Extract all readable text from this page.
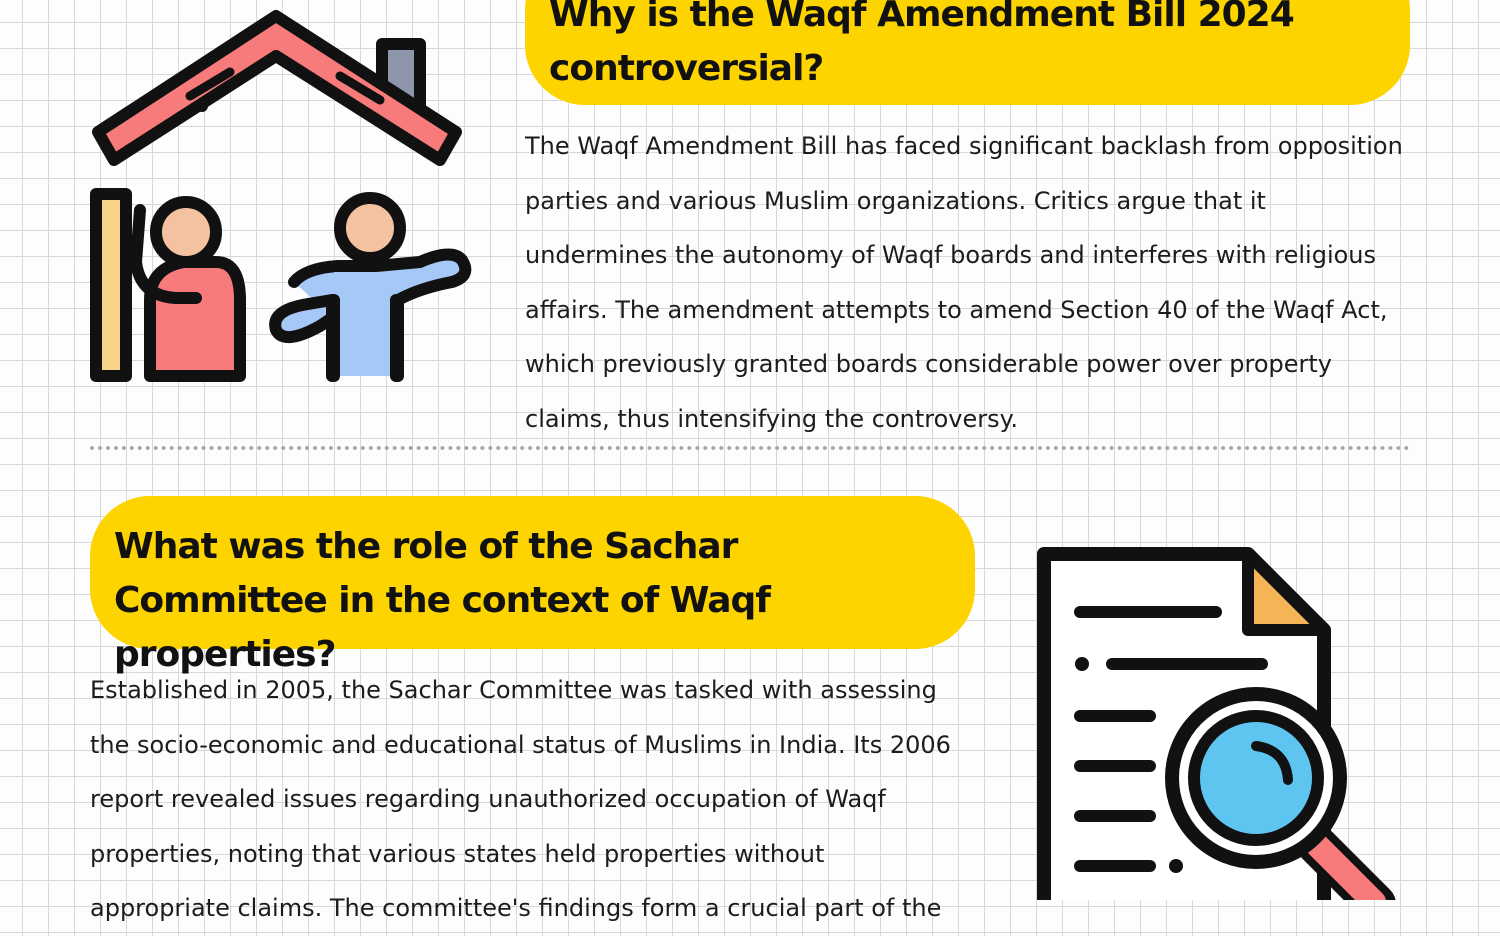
Why is the Waqf Amendment Bill 2024 controversial?

The Waqf Amendment Bill has faced significant backlash from opposition parties and various Muslim organizations. Critics argue that it undermines the autonomy of Waqf boards and interferes with religious affairs. The amendment attempts to amend Section 40 of the Waqf Act, which previously granted boards considerable power over property claims, thus intensifying the controversy.

What was the role of the Sachar Committee in the context of Waqf properties?

Established in 2005, the Sachar Committee was tasked with assessing the socio-economic and educational status of Muslims in India. Its 2006 report revealed issues regarding unauthorized occupation of Waqf properties, noting that various states held properties without appropriate claims. The committee's findings form a crucial part of the
